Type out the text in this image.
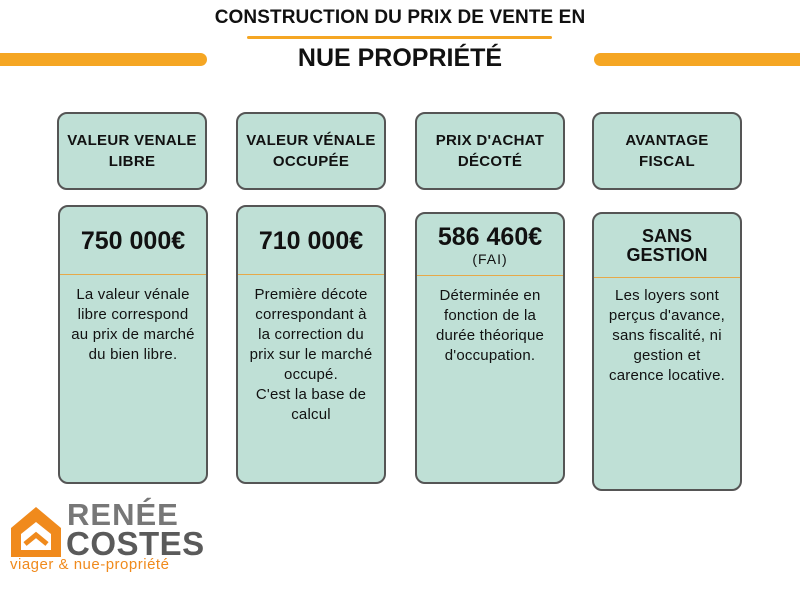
CONSTRUCTION DU PRIX DE VENTE EN
NUE PROPRIÉTÉ
VALEUR VENALE
LIBRE
750 000€
La valeur vénale
libre correspond
au prix de marché
du bien libre.
VALEUR VÉNALE
OCCUPÉE
710 000€
Première décote
correspondant à
la correction du
prix sur le marché
occupé.
C'est la base de
calcul
PRIX D'ACHAT
DÉCOTÉ
586 460€
(FAI)
Déterminée en
fonction de la
durée théorique
d'occupation.
AVANTAGE
FISCAL
SANS
GESTION
Les loyers sont
perçus d'avance,
sans fiscalité, ni
gestion et
carence locative.
RENÉE
COSTES
viager & nue-propriété
